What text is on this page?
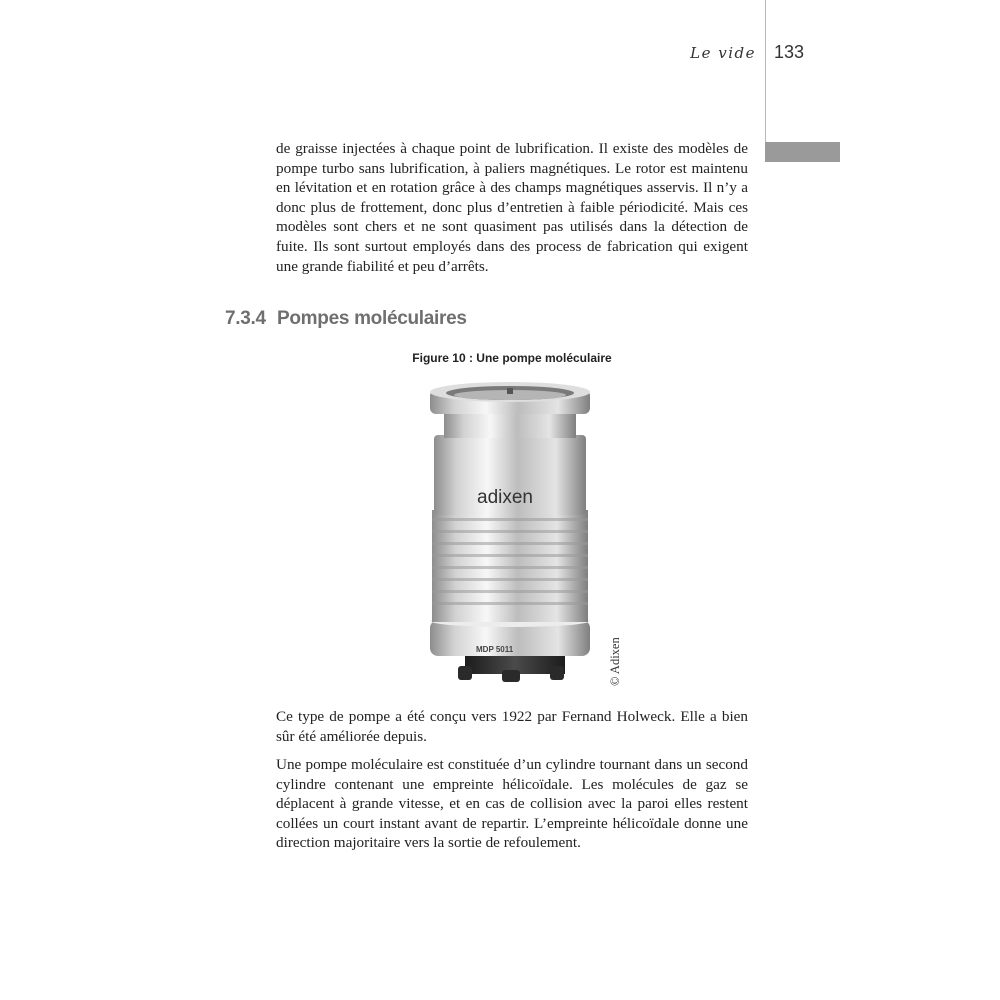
Le vide 133

de graisse injectées à chaque point de lubrification. Il existe des modèles de pompe turbo sans lubrification, à paliers magnétiques. Le rotor est maintenu en lévitation et en rotation grâce à des champs magnétiques asservis. Il n’y a donc plus de frottement, donc plus d’entretien à faible périodicité. Mais ces modèles sont chers et ne sont quasiment pas utilisés dans la détection de fuite. Ils sont surtout employés dans des process de fabrication qui exigent une grande fiabilité et peu d’arrêts.

7.3.4 Pompes moléculaires
Figure 10 : Une pompe moléculaire
adixen
MDP 5011	© Adixen

Ce type de pompe a été conçu vers 1922 par Fernand Holweck. Elle a bien sûr été améliorée depuis.

Une pompe moléculaire est constituée d’un cylindre tournant dans un second cylindre contenant une empreinte hélicoïdale. Les molécules de gaz se déplacent à grande vitesse, et en cas de collision avec la paroi elles restent collées un court instant avant de repartir. L’empreinte hélicoïdale donne une direction majoritaire vers la sortie de refoulement.
